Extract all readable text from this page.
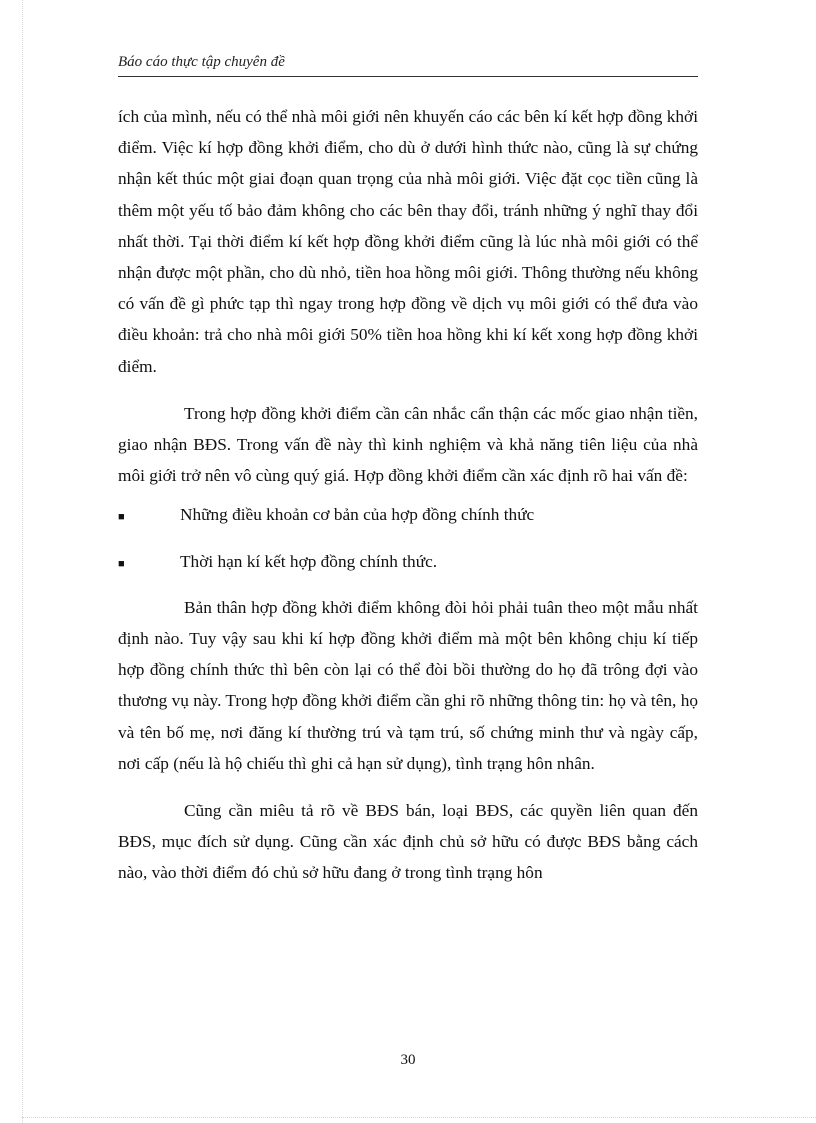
Báo cáo thực tập chuyên đề

ích của mình, nếu có thể nhà môi giới nên khuyến cáo các bên kí kết hợp đồng khởi điểm. Việc kí hợp đồng khởi điểm, cho dù ở dưới hình thức nào, cũng là sự chứng nhận kết thúc một giai đoạn quan trọng của nhà môi giới. Việc đặt cọc tiền cũng là thêm một yếu tố bảo đảm không cho các bên thay đổi, tránh những ý nghĩ thay đổi nhất thời. Tại thời điểm kí kết hợp đồng khởi điểm cũng là lúc nhà môi giới có thể nhận được một phần, cho dù nhỏ, tiền hoa hồng môi giới. Thông thường nếu không có vấn đề gì phức tạp thì ngay trong hợp đồng về dịch vụ môi giới có thể đưa vào điều khoản: trả cho nhà môi giới 50% tiền hoa hồng khi kí kết xong hợp đồng khởi điểm.

Trong hợp đồng khởi điểm cần cân nhắc cẩn thận các mốc giao nhận tiền, giao nhận BĐS. Trong vấn đề này thì kinh nghiệm và khả năng tiên liệu của nhà môi giới trở nên vô cùng quý giá. Hợp đồng khởi điểm cần xác định rõ hai vấn đề:

■	Những điều khoản cơ bản của hợp đồng chính thức
■	Thời hạn kí kết hợp đồng chính thức.

Bản thân hợp đồng khởi điểm không đòi hỏi phải tuân theo một mẫu nhất định nào. Tuy vậy sau khi kí hợp đồng khởi điểm mà một bên không chịu kí tiếp hợp đồng chính thức thì bên còn lại có thể đòi bồi thường do họ đã trông đợi vào thương vụ này. Trong hợp đồng khởi điểm cần ghi rõ những thông tin: họ và tên, họ và tên bố mẹ, nơi đăng kí thường trú và tạm trú, số chứng minh thư và ngày cấp, nơi cấp (nếu là hộ chiếu thì ghi cả hạn sử dụng), tình trạng hôn nhân.

Cũng cần miêu tả rõ về BĐS bán, loại BĐS, các quyền liên quan đến BĐS, mục đích sử dụng. Cũng cần xác định chủ sở hữu có được BĐS bằng cách nào, vào thời điểm đó chủ sở hữu đang ở trong tình trạng hôn

30
